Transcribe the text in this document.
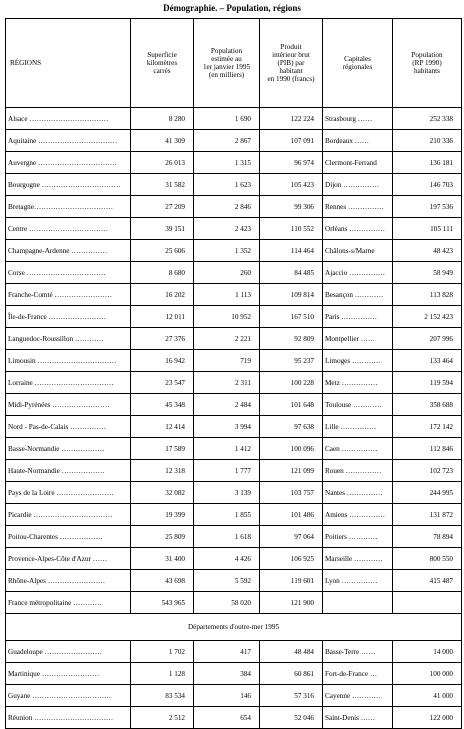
Démographie. – Population, régions
RÉGIONS	Superficie
kilomètres
carrés	Population
estimée au
1er janvier 1995
(en milliers)	Produit
intérieur brut
(PIB) par
habitant
en 1990 (francs)	Capitales
régionales	Population
(RP 1990)
habitants
Alsace ……………………………	8 280	1 690	122 224	Strasbourg ……	252 338
Aquitaine ……………………………	41 309	2 867	107 091	Bordeaux ……	210 336
Auvergne ……………………………	26 013	1 315	96 974	Clermont-Ferrand	136 181
Bourgogne ……………………………	31 582	1 623	105 423	Dijon ……………	146 703
Bretagne……………………………	27 209	2 846	99 306	Rennes ……………	197 536
Centre ……………………………	39 151	2 423	110 552	Orléans ……………	105 111
Champagne-Ardenne ……………	25 606	1 352	114 464	Châlons-s/Marne	48 423
Corse ……………………………	8 680	260	84 485	Ajaccio ……………	58 949
Franche-Comté ……………………	16 202	1 113	109 814	Besançon …………	113 828
Île-de-France ……………………	12 011	10 952	167 510	Paris ……………	2 152 423
Languedoc-Roussillon …………	27 376	2 221	92 809	Montpellier ……	207 996
Limousin ……………………………	16 942	719	95 237	Limoges …………	133 464
Lorraine ……………………………	23 547	2 311	100 228	Metz ……………	119 594
Midi-Pyrénées ……………………	45 348	2 484	101 648	Toulouse …………	358 688
Nord - Pas-de-Calais ……………	12 414	3 994	97 638	Lille ……………	172 142
Basse-Normandie ………………	17 589	1 412	100 096	Caen ……………	112 846
Haute-Normandie ………………	12 318	1 777	121 099	Rouen ……………	102 723
Pays de la Loire ……………………	32 082	3 139	103 757	Nantes ……………	244 995
Picardie ……………………………	19 399	1 855	101 486	Amiens ……………	131 872
Poitou-Charentes ………………	25 809	1 618	97 064	Poitiers …………	78 894
Provence-Alpes-Côte d'Azur ……	31 400	4 426	106 925	Marseille …………	800 550
Rhône-Alpes ……………………	43 698	5 592	119 601	Lyon ……………	415 487
France métropolitaine …………	543 965	58 020	121 900		
Départements d'outre-mer 1995					
Guadeloupe ……………………	1 702	417	48 484	Basse-Terre ……	14 000
Martinique ……………………	1 128	384	60 861	Fort-de-France …	100 000
Guyane ……………………………	83 534	146	57 316	Cayenne …………	41 000
Réunion ……………………………	2 512	654	52 046	Saint-Denis ……	122 000
